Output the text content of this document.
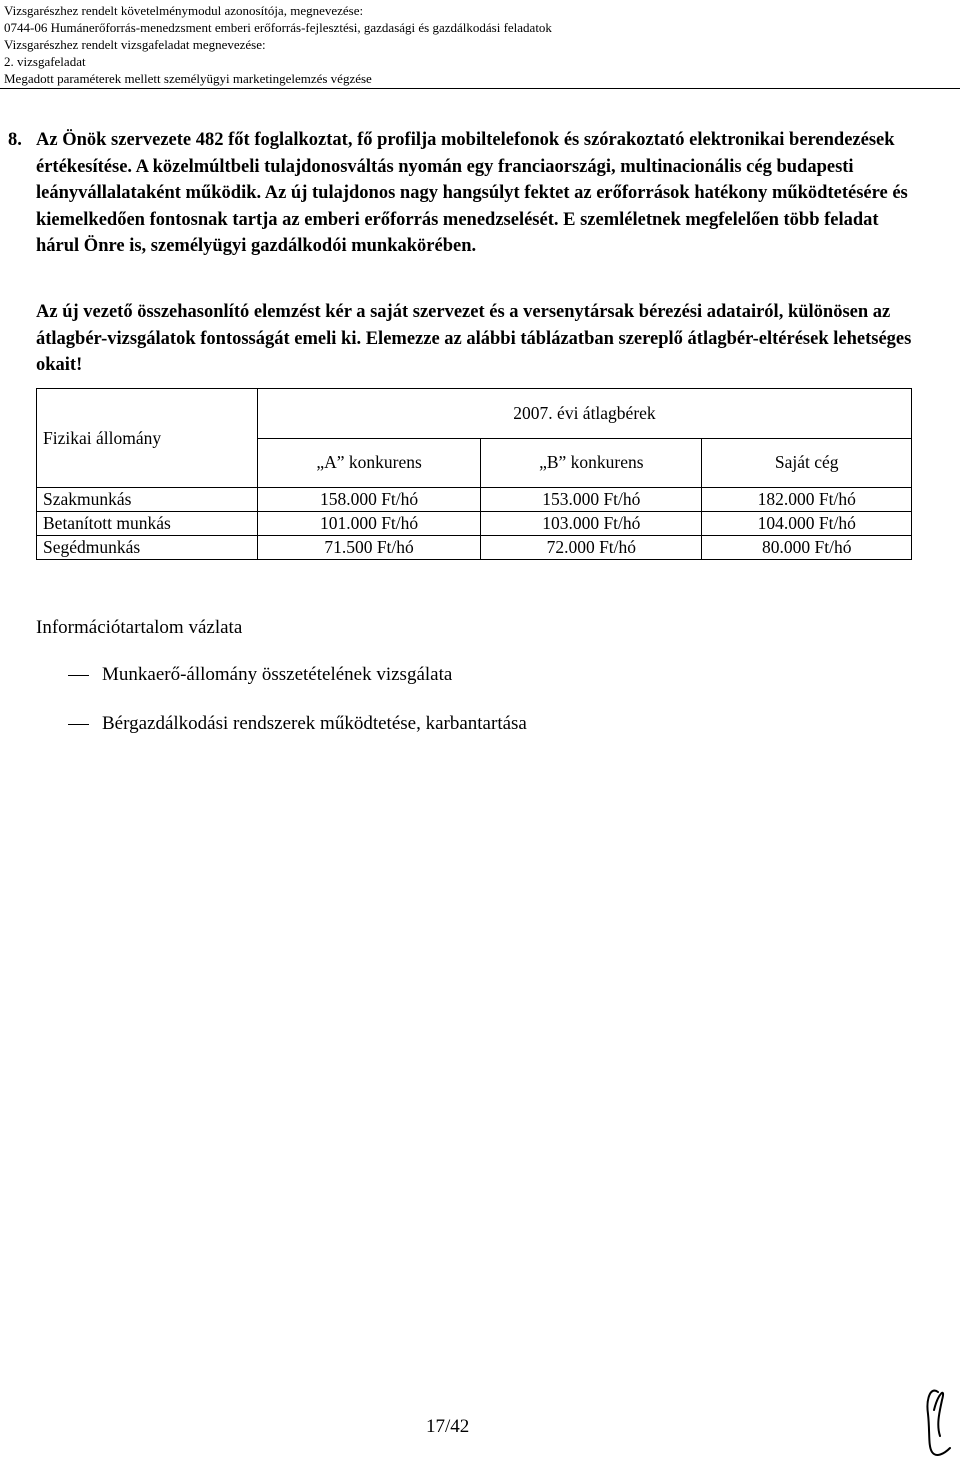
Vizsgarészhez rendelt követelménymodul azonosítója, megnevezése:
0744-06 Humánerőforrás-menedzsment emberi erőforrás-fejlesztési, gazdasági és gazdálkodási feladatok
Vizsgarészhez rendelt vizsgafeladat megnevezése:
2. vizsgafeladat
Megadott paraméterek mellett személyügyi marketingelemzés végzése
8. Az Önök szervezete 482 főt foglalkoztat, fő profilja mobiltelefonok és szórakoztató elektronikai berendezések értékesítése. A közelmúltbeli tulajdonosváltás nyomán egy franciaországi, multinacionális cég budapesti leányvállalataként működik. Az új tulajdonos nagy hangsúlyt fektet az erőforrások hatékony működtetésére és kiemelkedően fontosnak tartja az emberi erőforrás menedzselését. E szemléletnek megfelelően több feladat hárul Önre is, személyügyi gazdálkodói munkakörében.

Az új vezető összehasonlító elemzést kér a saját szervezet és a versenytársak bérezési adatairól, különösen az átlagbér-vizsgálatok fontosságát emeli ki. Elemezze az alábbi táblázatban szereplő átlagbér-eltérések lehetséges okait!

Fizikai állomány	2007. évi átlagbérek		
	„A” konkurens	„B” konkurens	Saját cég
Szakmunkás	158.000 Ft/hó	153.000 Ft/hó	182.000 Ft/hó
Betanított munkás	101.000 Ft/hó	103.000 Ft/hó	104.000 Ft/hó
Segédmunkás	71.500 Ft/hó	72.000 Ft/hó	80.000 Ft/hó
Információtartalom vázlata
Munkaerő-állomány összetételének vizsgálata
Bérgazdálkodási rendszerek működtetése, karbantartása
17/42
